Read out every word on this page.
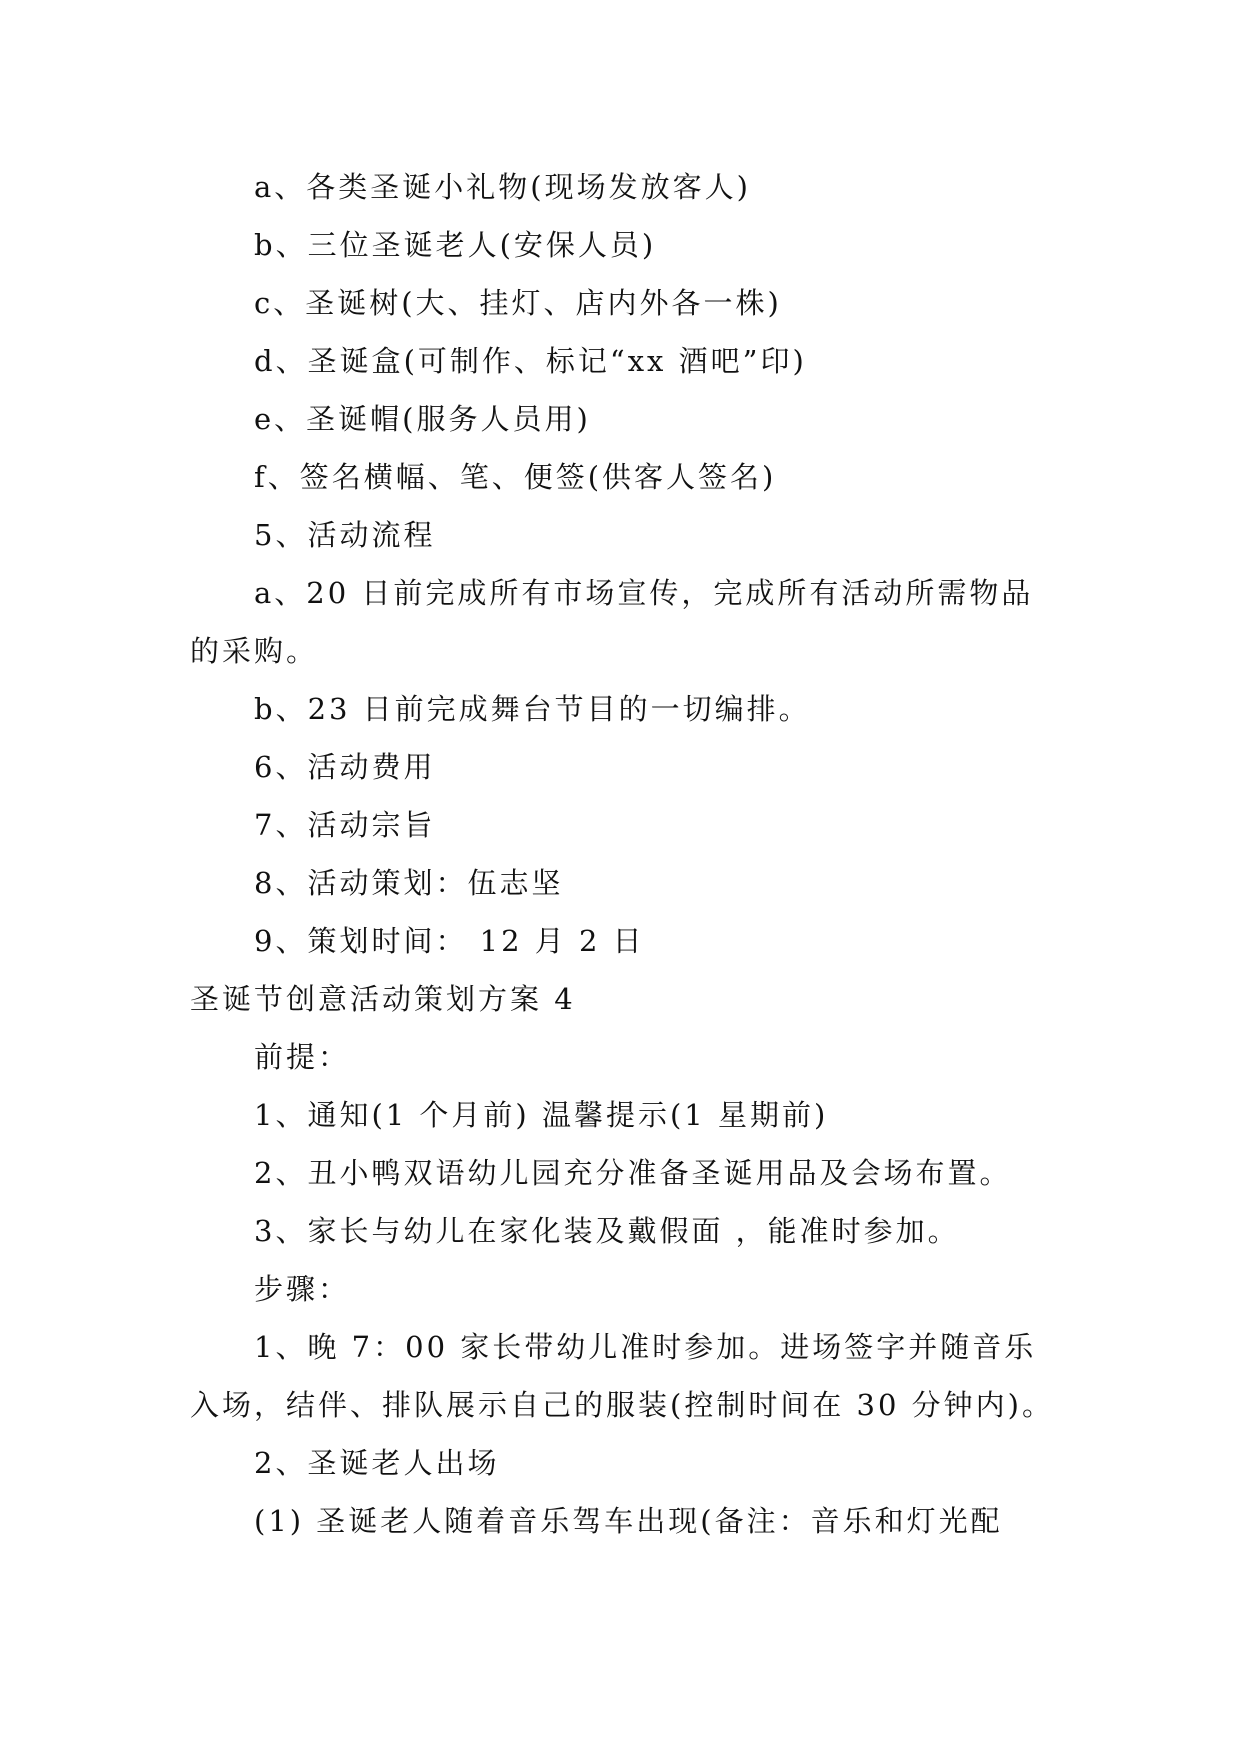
a、各类圣诞小礼物(现场发放客人)
b、三位圣诞老人(安保人员)
c、圣诞树(大、挂灯、店内外各一株)
d、圣诞盒(可制作、标记“xx 酒吧”印)
e、圣诞帽(服务人员用)
f、签名横幅、笔、便签(供客人签名)
5、活动流程
a、20 日前完成所有市场宣传，完成所有活动所需物品
的采购。
b、23 日前完成舞台节目的一切编排。
6、活动费用
7、活动宗旨
8、活动策划：伍志坚
9、策划时间： 12 月 2 日
圣诞节创意活动策划方案 4
前提：
1、通知(1 个月前) 温馨提示(1 星期前)
2、丑小鸭双语幼儿园充分准备圣诞用品及会场布置。
3、家长与幼儿在家化装及戴假面 ，能准时参加。
步骤：
1、晚 7：00 家长带幼儿准时参加。进场签字并随音乐
入场，结伴、排队展示自己的服装(控制时间在 30 分钟内)。
2、圣诞老人出场
(1) 圣诞老人随着音乐驾车出现(备注：音乐和灯光配
